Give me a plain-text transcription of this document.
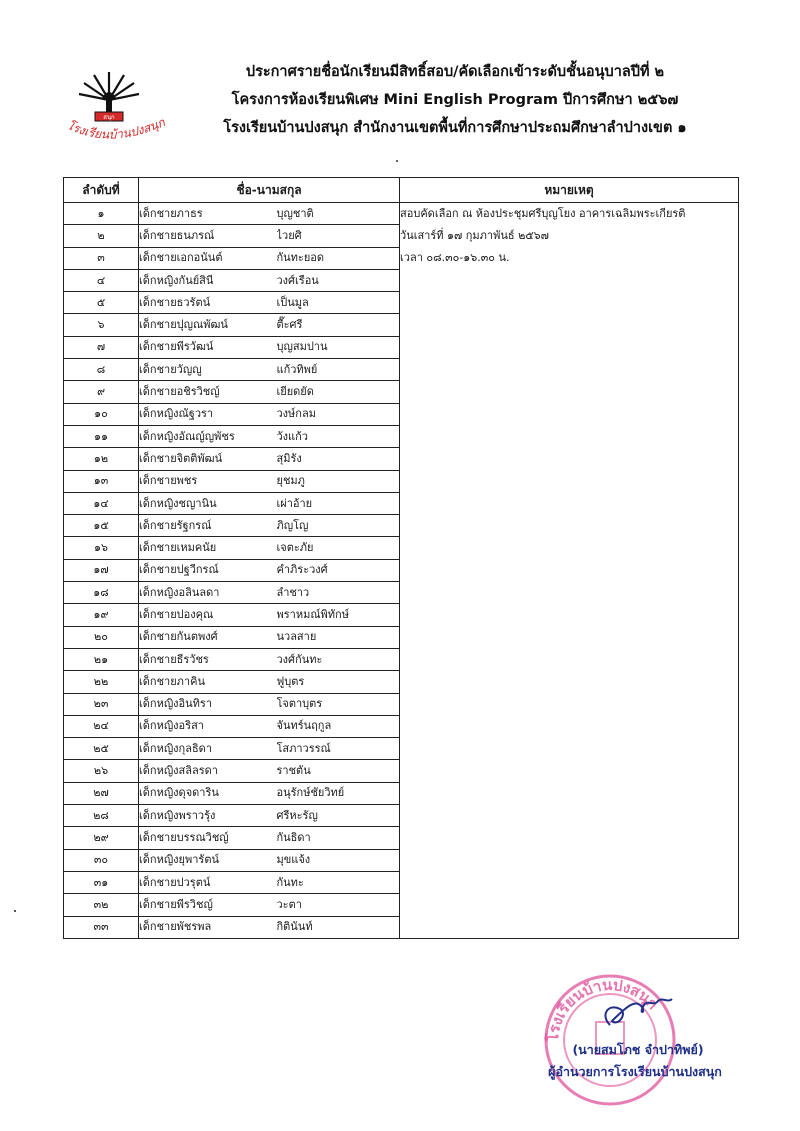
สนุก
โรงเรียนบ้านปงสนุก
ประกาศรายชื่อนักเรียนมีสิทธิ์สอบ/คัดเลือกเข้าระดับชั้นอนุบาลปีที่ ๒
โครงการห้องเรียนพิเศษ Mini English Program ปีการศึกษา ๒๕๖๗
โรงเรียนบ้านปงสนุก สำนักงานเขตพื้นที่การศึกษาประถมศึกษาลำปางเขต ๑
ลำดับที่	ชื่อ-นามสกุล		หมายเหตุ
๑	เด็กชายภาธร	บุญชาติ	สอบคัดเลือก ณ ห้องประชุมศรีบุญโยง อาคารเฉลิมพระเกียรติ
๒	เด็กชายธนภรณ์	ไวยศิ	วันเสาร์ที่ ๑๗ กุมภาพันธ์ ๒๕๖๗
๓	เด็กชายเอกอนันต์	กันทะยอด	เวลา ๐๘.๓๐-๑๖.๓๐ น.
๔	เด็กหญิงกันย์สินี	วงศ์เรือน	
๕	เด็กชายธวรัตน์	เป็นมูล	
๖	เด็กชายปุญณพัฒน์	ตื๊ะศรี	
๗	เด็กชายพีรวัฒน์	บุญสมปาน	
๘	เด็กชายวัญญู	แก้วทิพย์	
๙	เด็กชายอชิรวิชญ์	เยียดยัด	
๑๐	เด็กหญิงณัฐวรา	วงษ์กลม	
๑๑	เด็กหญิงอัณญ์ญพัชร	วังแก้ว	
๑๒	เด็กชายจิตติพัฒน์	สุมิรัง	
๑๓	เด็กชายพชร	ยุชมภู	
๑๔	เด็กหญิงชญานิน	เผ่าอ้าย	
๑๕	เด็กชายรัฐกรณ์	ภิญโญ	
๑๖	เด็กชายเหมคนัย	เจตะภัย	
๑๗	เด็กชายปฐวีกรณ์	คำภิระวงศ์	
๑๘	เด็กหญิงอลินลดา	ลำชาว	
๑๙	เด็กชายปองคุณ	พราหมณ์พิทักษ์	
๒๐	เด็กชายกันตพงศ์	นวลสาย	
๒๑	เด็กชายธีรวัชร	วงศ์กันทะ	
๒๒	เด็กชายภาคิน	ฟูบุตร	
๒๓	เด็กหญิงอินทิรา	โจตาบุตร	
๒๔	เด็กหญิงอริสา	จันทร์นฤกูล	
๒๕	เด็กหญิงกุลธิดา	โสภาวรรณ์	
๒๖	เด็กหญิงสลิลรดา	ราชตัน	
๒๗	เด็กหญิงดุจดาริน	อนุรักษ์ชัยวิทย์	
๒๘	เด็กหญิงพราวรุ้ง	ศรีหะรัญ	
๒๙	เด็กชายบรรณวิชญ์	กันธิดา	
๓๐	เด็กหญิงยุพารัตน์	มุขแจ้ง	
๓๑	เด็กชายปวรุตน์	กันทะ	
๓๒	เด็กชายพีรวิชญ์	วะตา	
๓๓	เด็กชายพัชรพล	กิตินันท์	
โรงเรียนบ้านปงสนุก
(นายสมโภช จำปาทิพย์)
ผู้อำนวยการโรงเรียนบ้านปงสนุก
